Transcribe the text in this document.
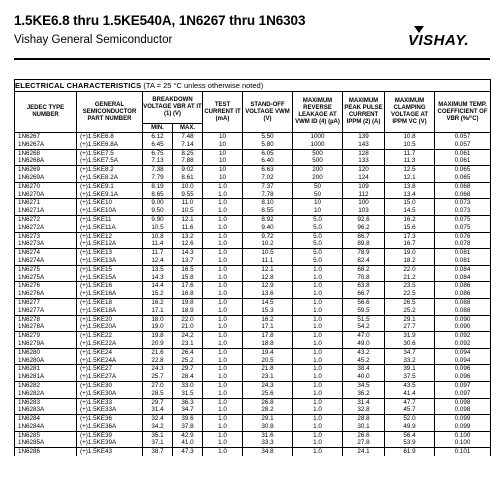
1.5KE6.8 thru 1.5KE540A, 1N6267 thru 1N6303
Vishay General Semiconductor	VISHAY.
ELECTRICAL CHARACTERISTICS (TA = 25 °C unless otherwise noted)									
JEDEC TYPE NUMBER	GENERAL SEMICONDUCTOR PART NUMBER	BREAKDOWN VOLTAGE VBR AT IT (1) (V)		TEST CURRENT IT (mA)	STAND-OFF VOLTAGE VWM (V)	MAXIMUM REVERSE LEAKAGE AT VWM ID (4) (µA)	MAXIMUM PEAK PULSE CURRENT IPPM (2) (A)	MAXIMUM CLAMPING VOLTAGE AT IPPM VC (V)	MAXIMUM TEMP. COEFFICIENT OF VBR (%/°C)
		MIN.	MAX.						
1N6267	(+)1.5KE6.8	6.12	7.48	10	5.50	1000	139	10.8	0.057
1N6267A	(+)1.5KE6.8A	6.45	7.14	10	5.80	1000	143	10.5	0.057
1N6268	(+)1.5KE7.5	6.75	8.25	10	6.05	500	128	11.7	0.061
1N6268A	(+)1.5KE7.5A	7.13	7.88	10	6.40	500	133	11.3	0.061
1N6269	(+)1.5KE8.2	7.38	9.02	10	6.63	200	120	12.5	0.065
1N6269A	(+)1.5KE8.2A	7.79	8.61	10	7.02	200	124	12.1	0.065
1N6270	(+)1.5KE9.1	8.19	10.0	1.0	7.37	50	109	13.8	0.068
1N6270A	(+)1.5KE9.1A	8.65	9.55	1.0	7.78	50	112	13.4	0.068
1N6271	(+)1.5KE10	9.00	11.0	1.0	8.10	10	100	15.0	0.073
1N6271A	(+)1.5KE10A	9.50	10.5	1.0	8.55	10	103	14.5	0.073
1N6272	(+)1.5KE11	9.90	12.1	1.0	8.92	5.0	92.6	16.2	0.075
1N6272A	(+)1.5KE11A	10.5	11.6	1.0	9.40	5.0	96.2	15.6	0.075
1N6273	(+)1.5KE12	10.8	13.2	1.0	9.72	5.0	86.7	17.3	0.076
1N6273A	(+)1.5KE12A	11.4	12.6	1.0	10.2	5.0	89.8	16.7	0.078
1N6274	(+)1.5KE13	11.7	14.3	1.0	10.5	5.0	78.9	19.0	0.081
1N6274A	(+)1.5KE13A	12.4	13.7	1.0	11.1	5.0	82.4	18.2	0.081
1N6275	(+)1.5KE15	13.5	16.5	1.0	12.1	1.0	68.2	22.0	0.084
1N6275A	(+)1.5KE15A	14.3	15.8	1.0	12.8	1.0	70.8	21.2	0.084
1N6276	(+)1.5KE16	14.4	17.6	1.0	12.9	1.0	63.8	23.5	0.086
1N6276A	(+)1.5KE16A	15.2	16.8	1.0	13.6	1.0	66.7	22.5	0.086
1N6277	(+)1.5KE18	16.2	19.8	1.0	14.5	1.0	56.6	26.5	0.088
1N6277A	(+)1.5KE18A	17.1	18.9	1.0	15.3	1.0	59.5	25.2	0.088
1N6278	(+)1.5KE20	18.0	22.0	1.0	16.2	1.0	51.5	29.1	0.090
1N6278A	(+)1.5KE20A	19.0	21.0	1.0	17.1	1.0	54.2	27.7	0.090
1N6279	(+)1.5KE22	19.8	24.2	1.0	17.8	1.0	47.0	31.9	0.092
1N6279A	(+)1.5KE22A	20.9	23.1	1.0	18.8	1.0	49.0	30.6	0.092
1N6280	(+)1.5KE24	21.6	26.4	1.0	19.4	1.0	43.2	34.7	0.094
1N6280A	(+)1.5KE24A	22.8	25.2	1.0	20.5	1.0	45.2	33.2	0.094
1N6281	(+)1.5KE27	24.3	29.7	1.0	21.8	1.0	38.4	39.1	0.096
1N6281A	(+)1.5KE27A	25.7	28.4	1.0	23.1	1.0	40.0	37.5	0.096
1N6282	(+)1.5KE30	27.0	33.0	1.0	24.3	1.0	34.5	43.5	0.097
1N6282A	(+)1.5KE30A	28.5	31.5	1.0	25.6	1.0	36.2	41.4	0.097
1N6283	(+)1.5KE33	29.7	36.3	1.0	26.8	1.0	31.4	47.7	0.098
1N6283A	(+)1.5KE33A	31.4	34.7	1.0	28.2	1.0	32.8	45.7	0.098
1N6284	(+)1.5KE36	32.4	39.6	1.0	29.1	1.0	28.8	52.0	0.099
1N6284A	(+)1.5KE36A	34.2	37.8	1.0	30.8	1.0	30.1	49.9	0.099
1N6285	(+)1.5KE39	35.1	42.9	1.0	31.6	1.0	26.6	56.4	0.100
1N6285A	(+)1.5KE39A	37.1	41.0	1.0	33.3	1.0	27.8	53.9	0.100
1N6286	(+)1.5KE43	38.7	47.3	1.0	34.8	1.0	24.1	61.9	0.101
